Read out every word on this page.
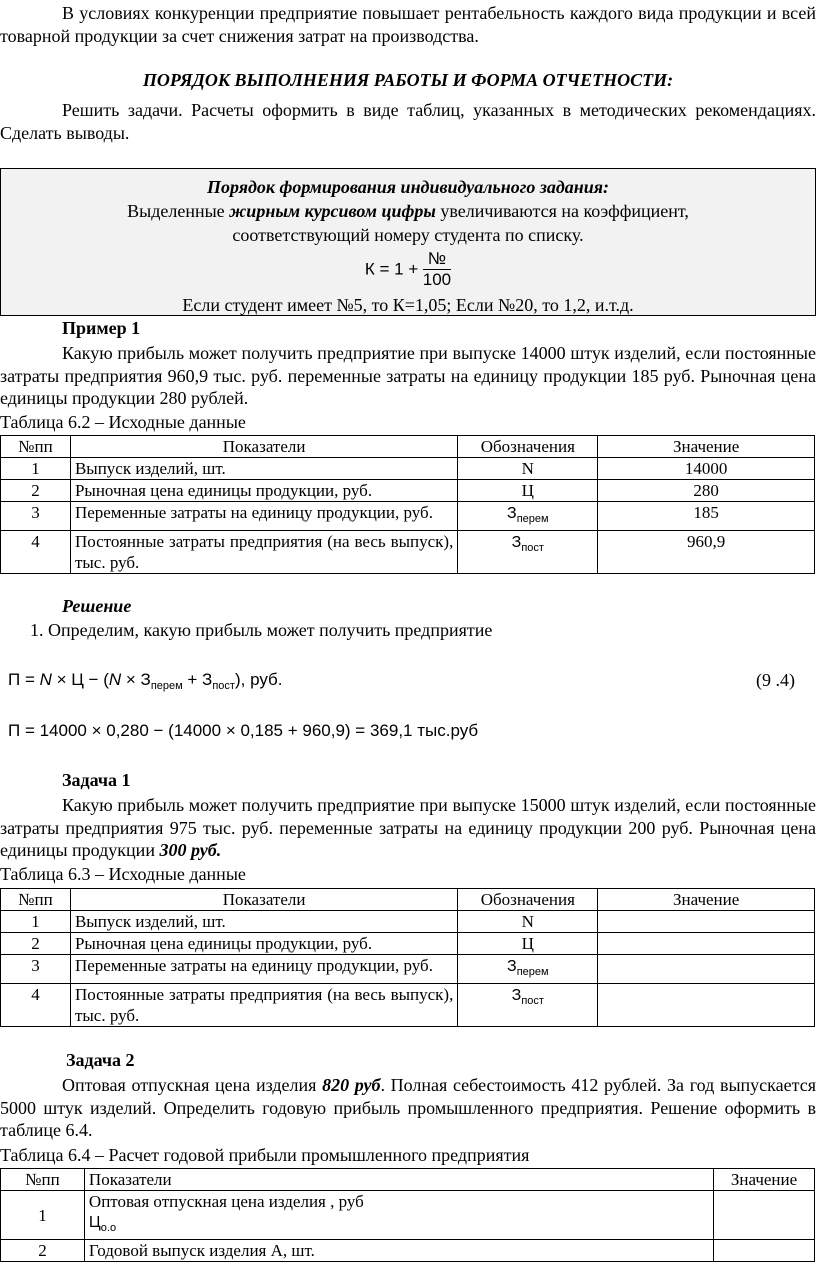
В условиях конкуренции предприятие повышает рентабельность каждого вида продукции и всей товарной продукции за счет снижения затрат на производства.

ПОРЯДОК ВЫПОЛНЕНИЯ РАБОТЫ И ФОРМА ОТЧЕТНОСТИ:

Решить задачи. Расчеты оформить в виде таблиц, указанных в методических рекомендациях. Сделать выводы.

Порядок формирования индивидуального задания:
Выделенные жирным курсивом цифры увеличиваются на коэффициент,
соответствующий номеру студента по списку.
$К = 1 + \frac{№}{100}$
Если студент имеет №5, то К=1,05; Если №20, то 1,2, и.т.д.
Пример 1

Какую прибыль может получить предприятие при выпуске 14000 штук изделий, если постоянные затраты предприятия 960,9 тыс. руб. переменные затраты на единицу продукции 185 руб. Рыночная цена единицы продукции 280 рублей.

Таблица 6.2 – Исходные данные
№пп	Показатели	Обозначения	Значение
1	Выпуск изделий, шт.	N	14000
2	Рыночная цена единицы продукции, руб.	Ц	280
3	Переменные затраты на единицу продукции, руб.	$З_{перем}$	185
4	Постоянные затраты предприятия (на весь выпуск), тыс. руб.	$З_{пост}$	960,9
Решение
1. Определим, какую прибыль может получить предприятие
$П = N \times Ц - (N \times З_{перем} + З_{пост})$, руб.	(9 .4)
П = 14000 × 0,280 − (14000 × 0,185 + 960,9) = 369,1 тыс.руб
Задача 1

Какую прибыль может получить предприятие при выпуске 15000 штук изделий, если постоянные затраты предприятия 975 тыс. руб. переменные затраты на единицу продукции 200 руб. Рыночная цена единицы продукции 300 руб.

Таблица 6.3 – Исходные данные
№пп	Показатели	Обозначения	Значение
1	Выпуск изделий, шт.	N	
2	Рыночная цена единицы продукции, руб.	Ц	
3	Переменные затраты на единицу продукции, руб.	$З_{перем}$	
4	Постоянные затраты предприятия (на весь выпуск), тыс. руб.	$З_{пост}$	
Задача 2

Оптовая отпускная цена изделия 820 руб. Полная себестоимость 412 рублей. За год выпускается 5000 штук изделий. Определить годовую прибыль промышленного предприятия. Решение оформить в таблице 6.4.

Таблица 6.4 – Расчет годовой прибыли промышленного предприятия
№пп	Показатели	Значение
1	Оптовая отпускная цена изделия , руб
$Ц_{о.о}$

2	Годовой выпуск изделия А, шт.	
